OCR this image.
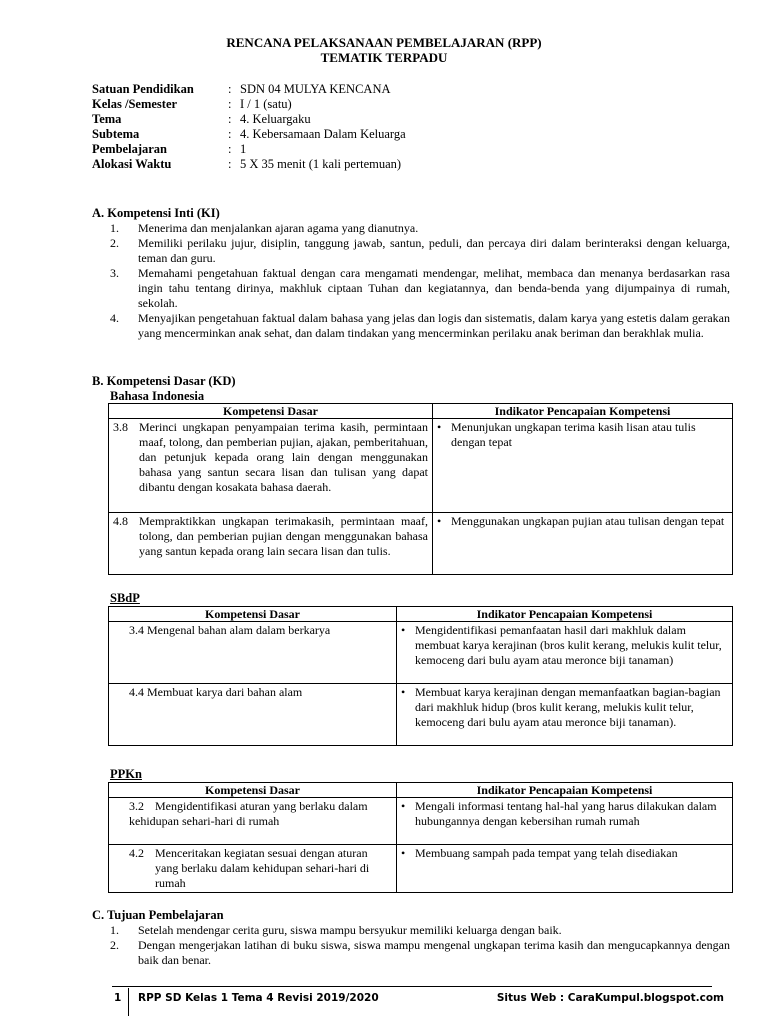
RENCANA PELAKSANAAN PEMBELAJARAN (RPP)
TEMATIK TERPADU
Satuan Pendidikan	:	SDN 04 MULYA KENCANA
Kelas /Semester	:	I / 1 (satu)
Tema	:	4. Keluargaku
Subtema	:	4. Kebersamaan Dalam Keluarga
Pembelajaran	:	1
Alokasi Waktu	:	5 X 35 menit (1 kali pertemuan)
A. Kompetensi Inti (KI)
1.	Menerima dan menjalankan ajaran agama yang dianutnya.
2.	Memiliki perilaku jujur, disiplin, tanggung jawab, santun, peduli, dan percaya diri dalam berinteraksi dengan keluarga, teman dan guru.
3.	Memahami pengetahuan faktual dengan cara mengamati mendengar, melihat, membaca dan menanya berdasarkan rasa ingin tahu tentang dirinya, makhluk ciptaan Tuhan dan kegiatannya, dan benda-benda yang dijumpainya di rumah, sekolah.
4.	Menyajikan pengetahuan faktual dalam bahasa yang jelas dan logis dan sistematis, dalam karya yang estetis dalam gerakan yang mencerminkan anak sehat, dan dalam tindakan yang mencerminkan perilaku anak beriman dan berakhlak mulia.
B. Kompetensi Dasar (KD)
Bahasa Indonesia
Kompetensi Dasar	Indikator Pencapaian Kompetensi

3.8 Merinci ungkapan penyampaian terima kasih, permintaan maaf, tolong, dan pemberian pujian, ajakan, pemberitahuan, dan petunjuk kepada orang lain dengan menggunakan bahasa yang santun secara lisan dan tulisan yang dapat dibantu dengan kosakata bahasa daerah.	• Menunjukan ungkapan terima kasih lisan atau tulis dengan tepat

4.8 Mempraktikkan ungkapan terimakasih, permintaan maaf, tolong, dan pemberian pujian dengan menggunakan bahasa yang santun kepada orang lain secara lisan dan tulis.	• Menggunakan ungkapan pujian atau tulisan dengan tepat
SBdP
Kompetensi Dasar	Indikator Pencapaian Kompetensi
3.4 Mengenal bahan alam dalam berkarya	• Mengidentifikasi pemanfaatan hasil dari makhluk dalam membuat karya kerajinan (bros kulit kerang, melukis kulit telur, kemoceng dari bulu ayam atau meronce biji tanaman)

4.4 Membuat karya dari bahan alam	• Membuat karya kerajinan dengan memanfaatkan bagian-bagian dari makhluk hidup (bros kulit kerang, melukis kulit telur, kemoceng dari bulu ayam atau meronce biji tanaman).
PPKn
Kompetensi Dasar	Indikator Pencapaian Kompetensi
3.2 Mengidentifikasi aturan yang berlaku dalam kehidupan sehari-hari di rumah	• Mengali informasi tentang hal-hal yang harus dilakukan dalam hubungannya dengan kebersihan rumah rumah

4.2 Menceritakan kegiatan sesuai dengan aturan yang berlaku dalam kehidupan sehari-hari di rumah	• Membuang sampah pada tempat yang telah disediakan
C. Tujuan Pembelajaran
1.	Setelah mendengar cerita guru, siswa mampu bersyukur memiliki keluarga dengan baik.
2.	Dengan mengerjakan latihan di buku siswa, siswa mampu mengenal ungkapan terima kasih dan mengucapkannya dengan baik dan benar.
1 RPP SD Kelas 1 Tema 4 Revisi 2019/2020	Situs Web : CaraKumpul.blogspot.com
